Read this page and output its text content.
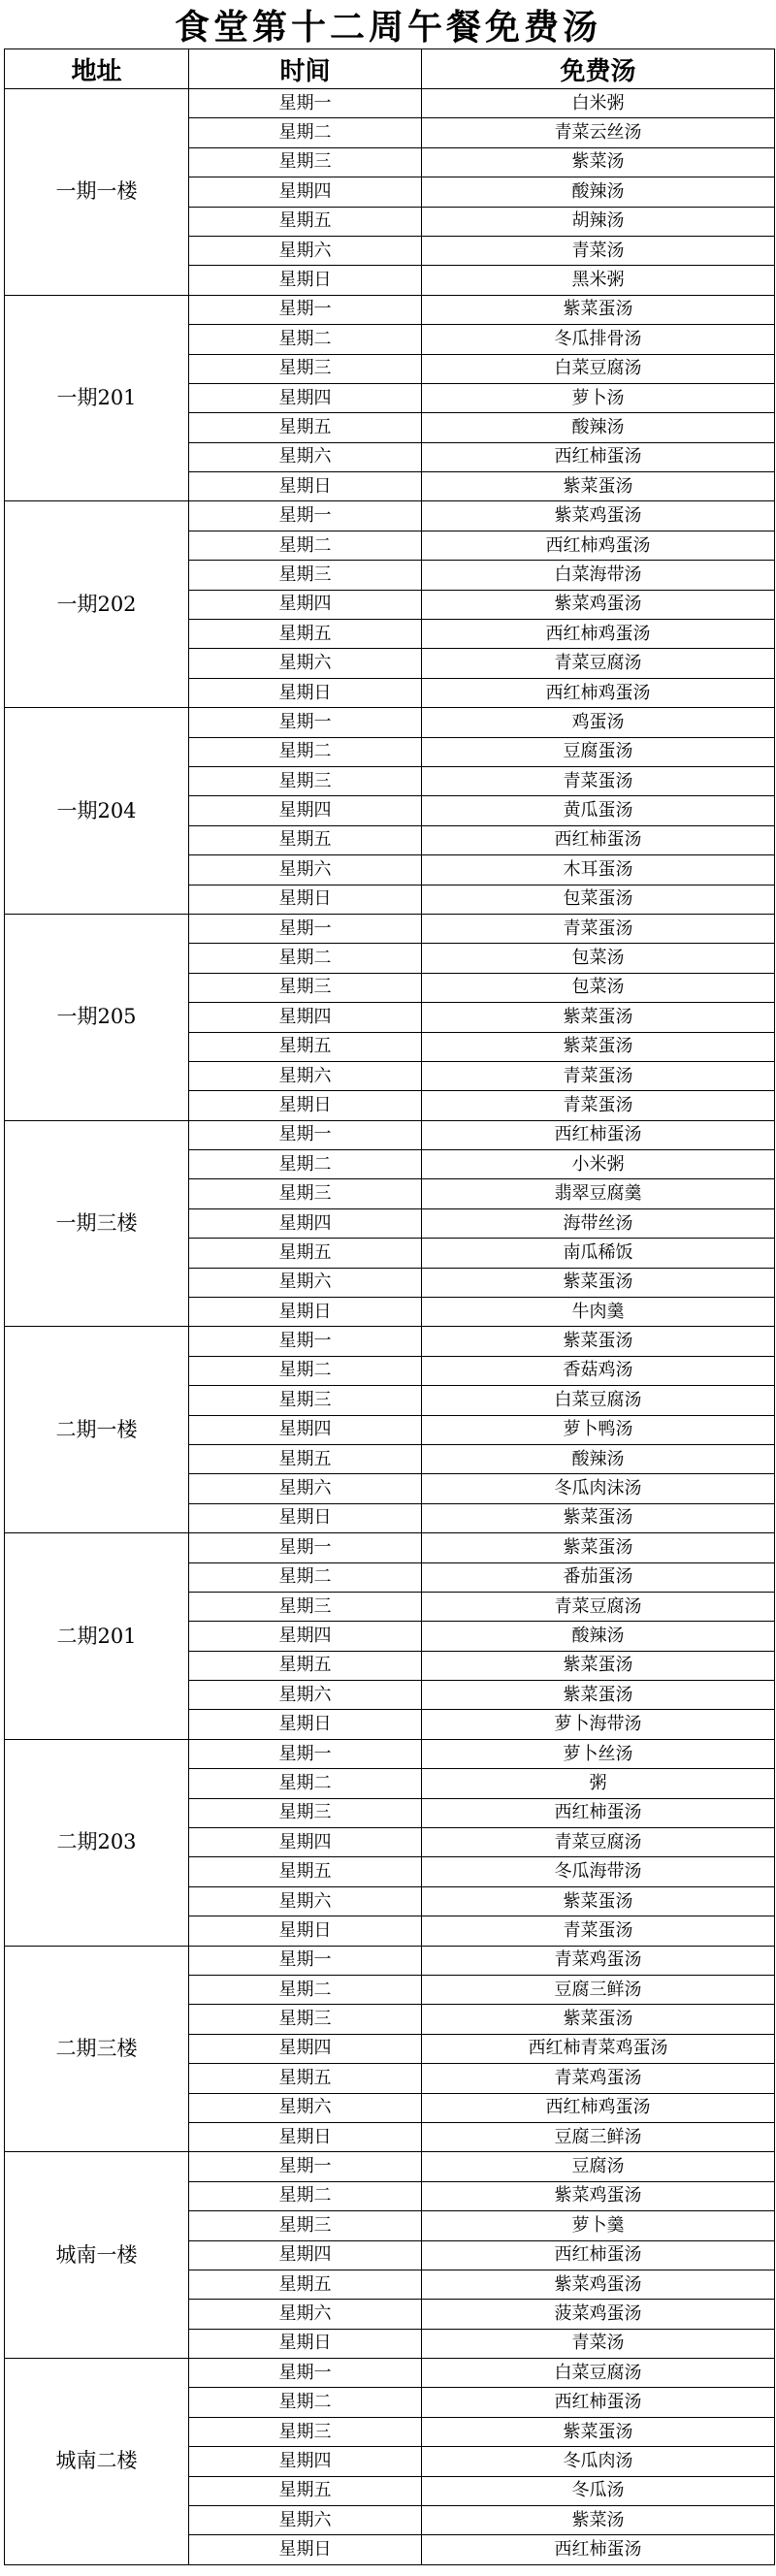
食堂第十二周午餐免费汤
地址	时间	免费汤
一期一楼	星期一	白米粥
	星期二	青菜云丝汤
	星期三	紫菜汤
	星期四	酸辣汤
	星期五	胡辣汤
	星期六	青菜汤
	星期日	黑米粥
一期201	星期一	紫菜蛋汤
	星期二	冬瓜排骨汤
	星期三	白菜豆腐汤
	星期四	萝卜汤
	星期五	酸辣汤
	星期六	西红柿蛋汤
	星期日	紫菜蛋汤
一期202	星期一	紫菜鸡蛋汤
	星期二	西红柿鸡蛋汤
	星期三	白菜海带汤
	星期四	紫菜鸡蛋汤
	星期五	西红柿鸡蛋汤
	星期六	青菜豆腐汤
	星期日	西红柿鸡蛋汤
一期204	星期一	鸡蛋汤
	星期二	豆腐蛋汤
	星期三	青菜蛋汤
	星期四	黄瓜蛋汤
	星期五	西红柿蛋汤
	星期六	木耳蛋汤
	星期日	包菜蛋汤
一期205	星期一	青菜蛋汤
	星期二	包菜汤
	星期三	包菜汤
	星期四	紫菜蛋汤
	星期五	紫菜蛋汤
	星期六	青菜蛋汤
	星期日	青菜蛋汤
一期三楼	星期一	西红柿蛋汤
	星期二	小米粥
	星期三	翡翠豆腐羹
	星期四	海带丝汤
	星期五	南瓜稀饭
	星期六	紫菜蛋汤
	星期日	牛肉羹
二期一楼	星期一	紫菜蛋汤
	星期二	香菇鸡汤
	星期三	白菜豆腐汤
	星期四	萝卜鸭汤
	星期五	酸辣汤
	星期六	冬瓜肉沫汤
	星期日	紫菜蛋汤
二期201	星期一	紫菜蛋汤
	星期二	番茄蛋汤
	星期三	青菜豆腐汤
	星期四	酸辣汤
	星期五	紫菜蛋汤
	星期六	紫菜蛋汤
	星期日	萝卜海带汤
二期203	星期一	萝卜丝汤
	星期二	粥
	星期三	西红柿蛋汤
	星期四	青菜豆腐汤
	星期五	冬瓜海带汤
	星期六	紫菜蛋汤
	星期日	青菜蛋汤
二期三楼	星期一	青菜鸡蛋汤
	星期二	豆腐三鲜汤
	星期三	紫菜蛋汤
	星期四	西红柿青菜鸡蛋汤
	星期五	青菜鸡蛋汤
	星期六	西红柿鸡蛋汤
	星期日	豆腐三鲜汤
城南一楼	星期一	豆腐汤
	星期二	紫菜鸡蛋汤
	星期三	萝卜羹
	星期四	西红柿蛋汤
	星期五	紫菜鸡蛋汤
	星期六	菠菜鸡蛋汤
	星期日	青菜汤
城南二楼	星期一	白菜豆腐汤
	星期二	西红柿蛋汤
	星期三	紫菜蛋汤
	星期四	冬瓜肉汤
	星期五	冬瓜汤
	星期六	紫菜汤
	星期日	西红柿蛋汤
